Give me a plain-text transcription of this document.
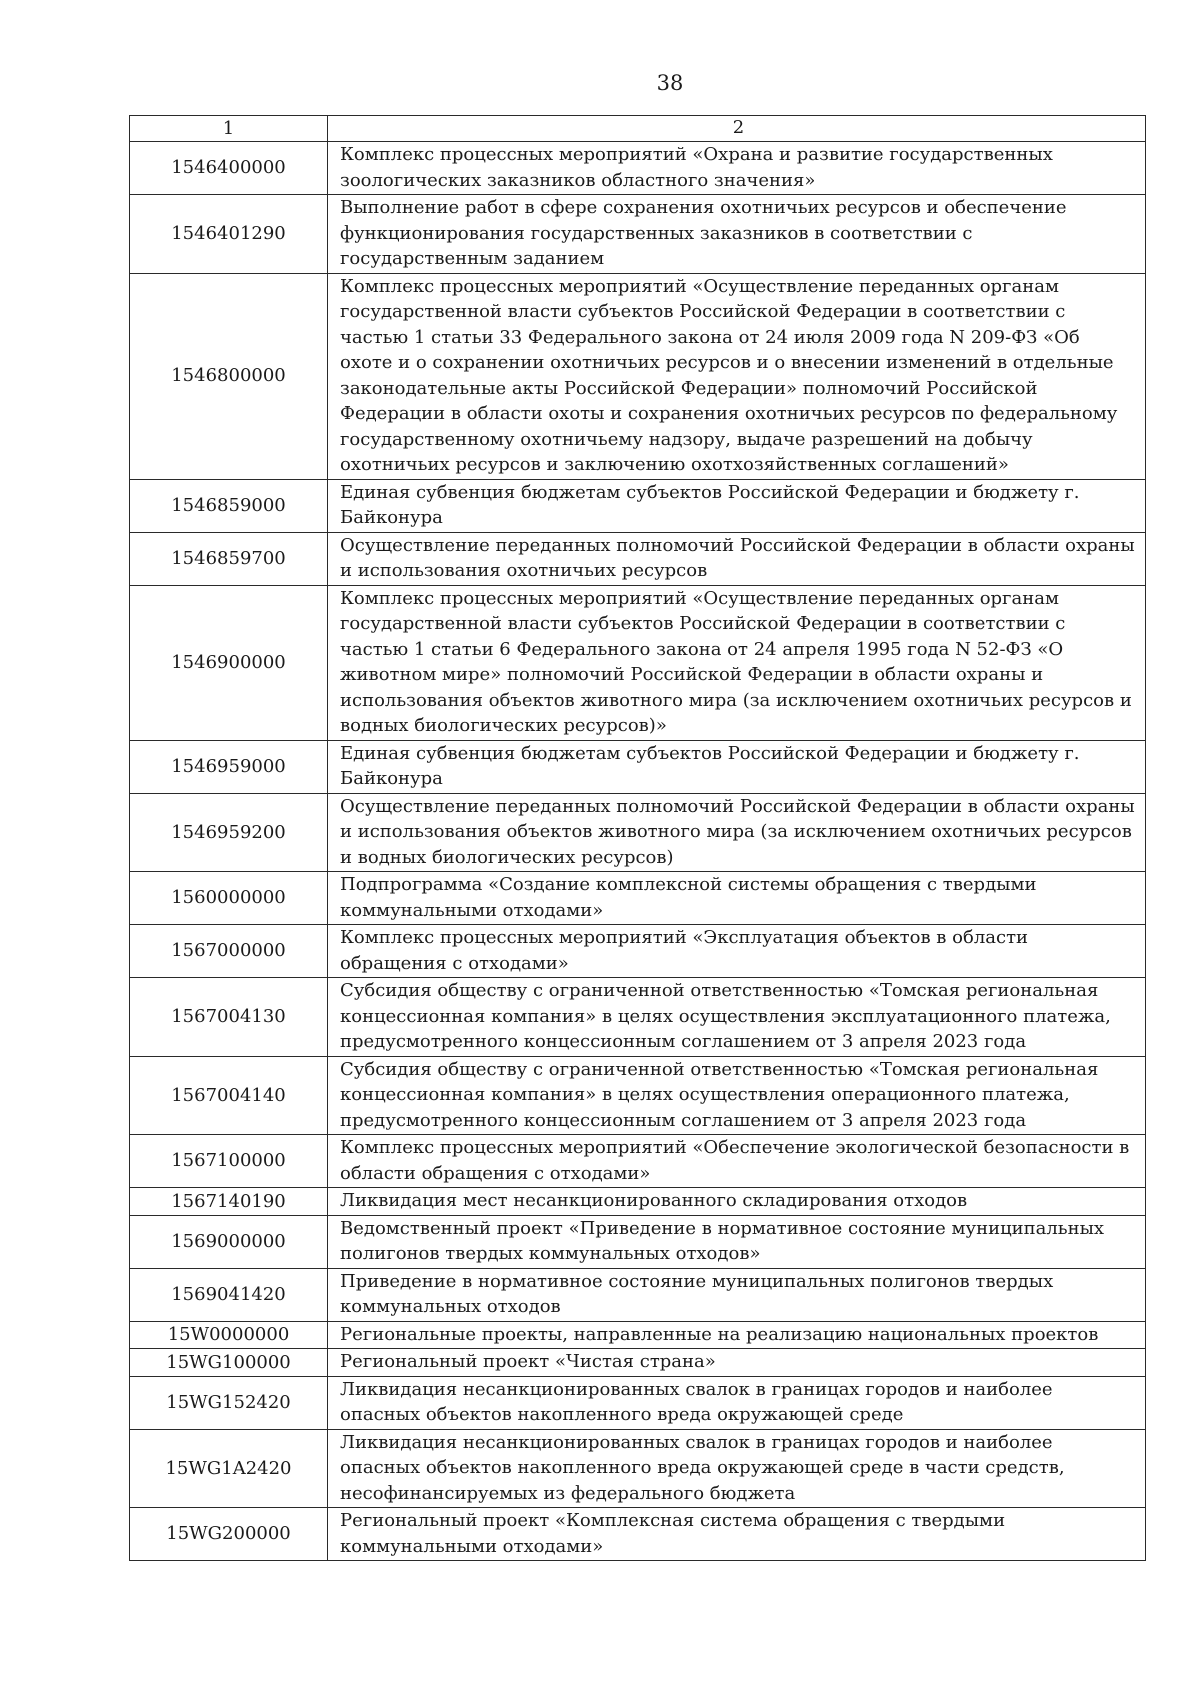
38
1	2
1546400000	Комплекс процессных мероприятий «Охрана и развитие государственных зоологических заказников областного значения»
1546401290	Выполнение работ в сфере сохранения охотничьих ресурсов и обеспечение функционирования государственных заказников в соответствии с государственным заданием
1546800000	Комплекс процессных мероприятий «Осуществление переданных органам государственной власти субъектов Российской Федерации в соответствии с частью 1 статьи 33 Федерального закона от 24 июля 2009 года N 209-ФЗ «Об охоте и о сохранении охотничьих ресурсов и о внесении изменений в отдельные законодательные акты Российской Федерации» полномочий Российской Федерации в области охоты и сохранения охотничьих ресурсов по федеральному государственному охотничьему надзору, выдаче разрешений на добычу охотничьих ресурсов и заключению охотхозяйственных соглашений»
1546859000	Единая субвенция бюджетам субъектов Российской Федерации и бюджету г. Байконура
1546859700	Осуществление переданных полномочий Российской Федерации в области охраны и использования охотничьих ресурсов
1546900000	Комплекс процессных мероприятий «Осуществление переданных органам государственной власти субъектов Российской Федерации в соответствии с частью 1 статьи 6 Федерального закона от 24 апреля 1995 года N 52-ФЗ «О животном мире» полномочий Российской Федерации в области охраны и использования объектов животного мира (за исключением охотничьих ресурсов и водных биологических ресурсов)»
1546959000	Единая субвенция бюджетам субъектов Российской Федерации и бюджету г. Байконура
1546959200	Осуществление переданных полномочий Российской Федерации в области охраны и использования объектов животного мира (за исключением охотничьих ресурсов и водных биологических ресурсов)
1560000000	Подпрограмма «Создание комплексной системы обращения с твердыми коммунальными отходами»
1567000000	Комплекс процессных мероприятий «Эксплуатация объектов в области обращения с отходами»
1567004130	Субсидия обществу с ограниченной ответственностью «Томская региональная концессионная компания» в целях осуществления эксплуатационного платежа, предусмотренного концессионным соглашением от 3 апреля 2023 года
1567004140	Субсидия обществу с ограниченной ответственностью «Томская региональная концессионная компания» в целях осуществления операционного платежа, предусмотренного концессионным соглашением от 3 апреля 2023 года
1567100000	Комплекс процессных мероприятий «Обеспечение экологической безопасности в области обращения с отходами»
1567140190	Ликвидация мест несанкционированного складирования отходов
1569000000	Ведомственный проект «Приведение в нормативное состояние муниципальных полигонов твердых коммунальных отходов»
1569041420	Приведение в нормативное состояние муниципальных полигонов твердых коммунальных отходов
15W0000000	Региональные проекты, направленные на реализацию национальных проектов
15WG100000	Региональный проект «Чистая страна»
15WG152420	Ликвидация несанкционированных свалок в границах городов и наиболее опасных объектов накопленного вреда окружающей среде
15WG1A2420	Ликвидация несанкционированных свалок в границах городов и наиболее опасных объектов накопленного вреда окружающей среде в части средств, несофинансируемых из федерального бюджета
15WG200000	Региональный проект «Комплексная система обращения с твердыми коммунальными отходами»
